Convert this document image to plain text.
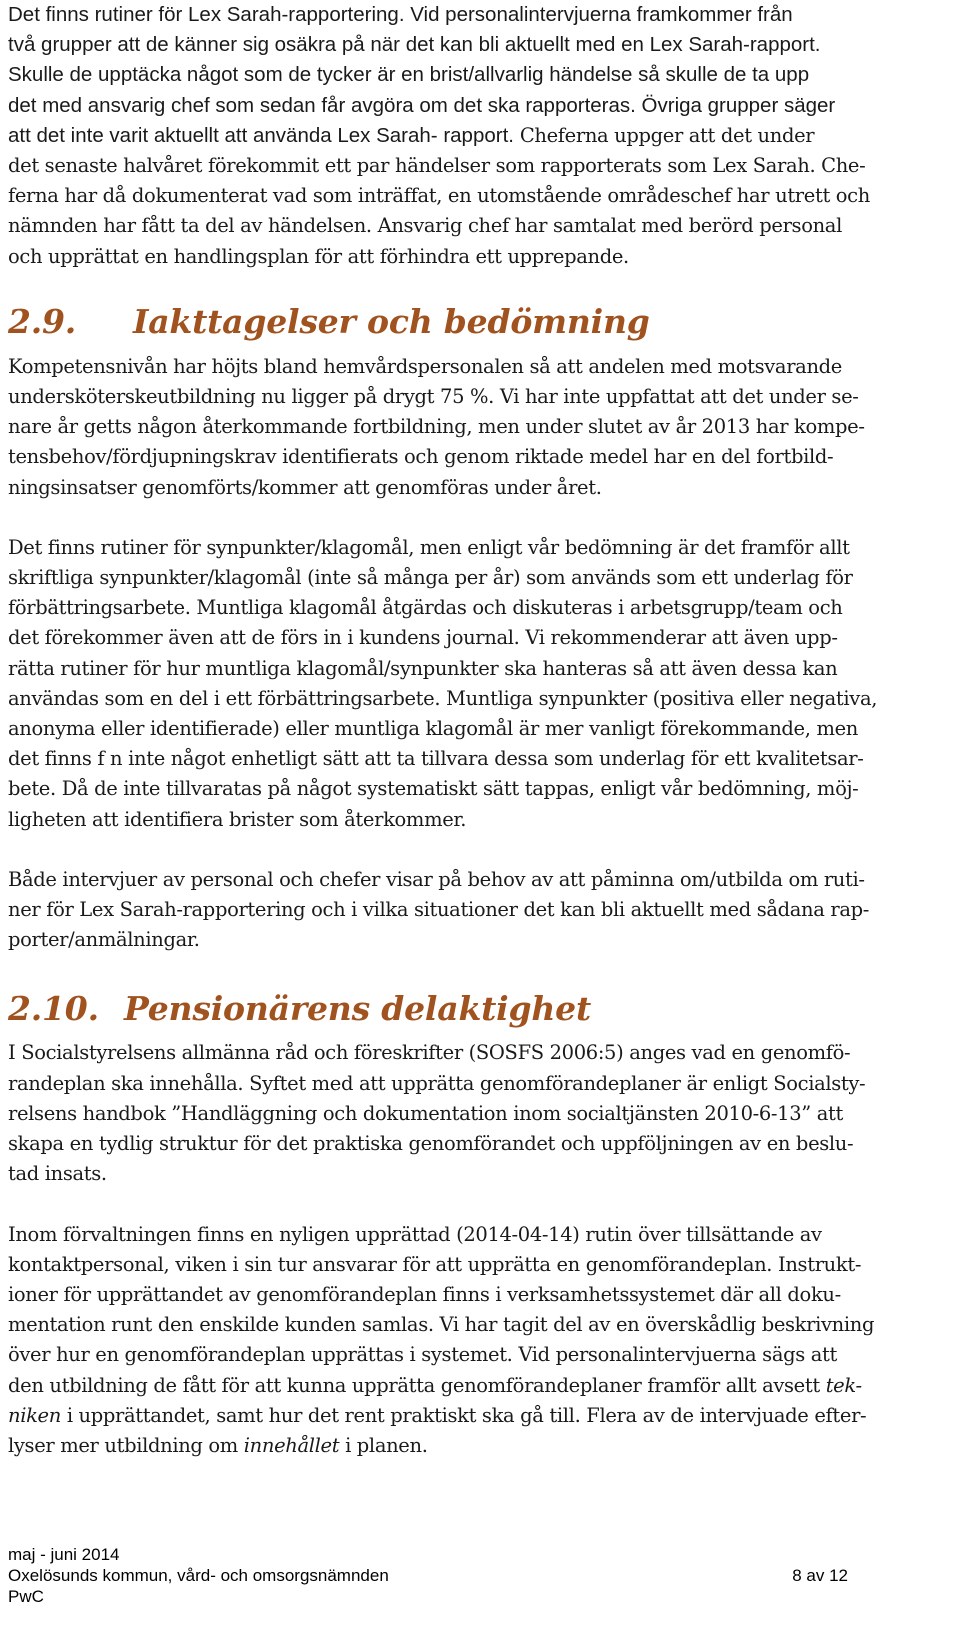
Det finns rutiner för Lex Sarah-rapportering. Vid personalintervjuerna framkommer från
två grupper att de känner sig osäkra på när det kan bli aktuellt med en Lex Sarah-rapport.
Skulle de upptäcka något som de tycker är en brist/allvarlig händelse så skulle de ta upp
det med ansvarig chef som sedan får avgöra om det ska rapporteras. Övriga grupper säger
att det inte varit aktuellt att använda Lex Sarah- rapport. Cheferna uppger att det under
det senaste halvåret förekommit ett par händelser som rapporterats som Lex Sarah. Che-
ferna har då dokumenterat vad som inträffat, en utomstående områdeschef har utrett och
nämnden har fått ta del av händelsen. Ansvarig chef har samtalat med berörd personal
och upprättat en handlingsplan för att förhindra ett upprepande.

2.9.	Iakttagelser och bedömning

Kompetensnivån har höjts bland hemvårdspersonalen så att andelen med motsvarande
undersköterskeutbildning nu ligger på drygt 75 %. Vi har inte uppfattat att det under se-
nare år getts någon återkommande fortbildning, men under slutet av år 2013 har kompe-
tensbehov/fördjupningskrav identifierats och genom riktade medel har en del fortbild-
ningsinsatser genomförts/kommer att genomföras under året.

Det finns rutiner för synpunkter/klagomål, men enligt vår bedömning är det framför allt
skriftliga synpunkter/klagomål (inte så många per år) som används som ett underlag för
förbättringsarbete. Muntliga klagomål åtgärdas och diskuteras i arbetsgrupp/team och
det förekommer även att de förs in i kundens journal. Vi rekommenderar att även upp-
rätta rutiner för hur muntliga klagomål/synpunkter ska hanteras så att även dessa kan
användas som en del i ett förbättringsarbete. Muntliga synpunkter (positiva eller negativa,
anonyma eller identifierade) eller muntliga klagomål är mer vanligt förekommande, men
det finns f n inte något enhetligt sätt att ta tillvara dessa som underlag för ett kvalitetsar-
bete. Då de inte tillvaratas på något systematiskt sätt tappas, enligt vår bedömning, möj-
ligheten att identifiera brister som återkommer.

Både intervjuer av personal och chefer visar på behov av att påminna om/utbilda om ruti-
ner för Lex Sarah-rapportering och i vilka situationer det kan bli aktuellt med sådana rap-
porter/anmälningar.

2.10. Pensionärens delaktighet

I Socialstyrelsens allmänna råd och föreskrifter (SOSFS 2006:5) anges vad en genomfö-
randeplan ska innehålla. Syftet med att upprätta genomförandeplaner är enligt Socialsty-
relsens handbok ”Handläggning och dokumentation inom socialtjänsten 2010-6-13” att
skapa en tydlig struktur för det praktiska genomförandet och uppföljningen av en beslu-
tad insats.

Inom förvaltningen finns en nyligen upprättad (2014-04-14) rutin över tillsättande av
kontaktpersonal, viken i sin tur ansvarar för att upprätta en genomförandeplan. Instrukt-
ioner för upprättandet av genomförandeplan finns i verksamhetssystemet där all doku-
mentation runt den enskilde kunden samlas. Vi har tagit del av en överskådlig beskrivning
över hur en genomförandeplan upprättas i systemet. Vid personalintervjuerna sägs att
den utbildning de fått för att kunna upprätta genomförandeplaner framför allt avsett tek-
niken i upprättandet, samt hur det rent praktiskt ska gå till. Flera av de intervjuade efter-
lyser mer utbildning om innehållet i planen.

maj - juni 2014
Oxelösunds kommun, vård- och omsorgsnämnden	8 av 12
PwC
